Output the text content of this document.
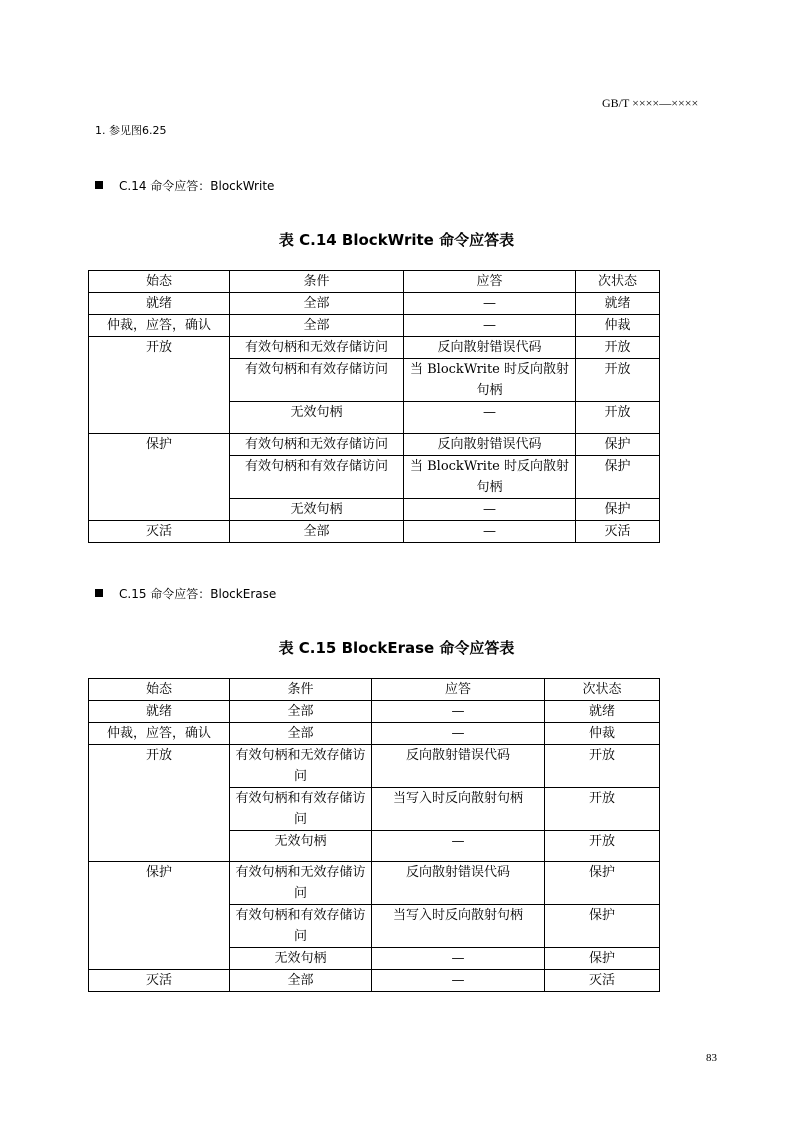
GB/T ××××—××××
1. 参见图6.25
C.14 命令应答：BlockWrite
表 C.14 BlockWrite 命令应答表
始态	条件	应答	次状态
就绪	全部	—	就绪
仲裁，应答，确认	全部	—	仲裁
开放	有效句柄和无效存储访问	反向散射错误代码	开放
	有效句柄和有效存储访问	当 BlockWrite 时反向散射句柄	开放
	无效句柄	—	开放
保护	有效句柄和无效存储访问	反向散射错误代码	保护
	有效句柄和有效存储访问	当 BlockWrite 时反向散射句柄	保护
	无效句柄	—	保护
灭活	全部	—	灭活
C.15 命令应答：BlockErase
表 C.15 BlockErase 命令应答表
始态	条件	应答	次状态
就绪	全部	—	就绪
仲裁，应答，确认	全部	—	仲裁
开放	有效句柄和无效存储访问	反向散射错误代码	开放
	有效句柄和有效存储访问	当写入时反向散射句柄	开放
	无效句柄	—	开放
保护	有效句柄和无效存储访问	反向散射错误代码	保护
	有效句柄和有效存储访问	当写入时反向散射句柄	保护
	无效句柄	—	保护
灭活	全部	—	灭活
83
